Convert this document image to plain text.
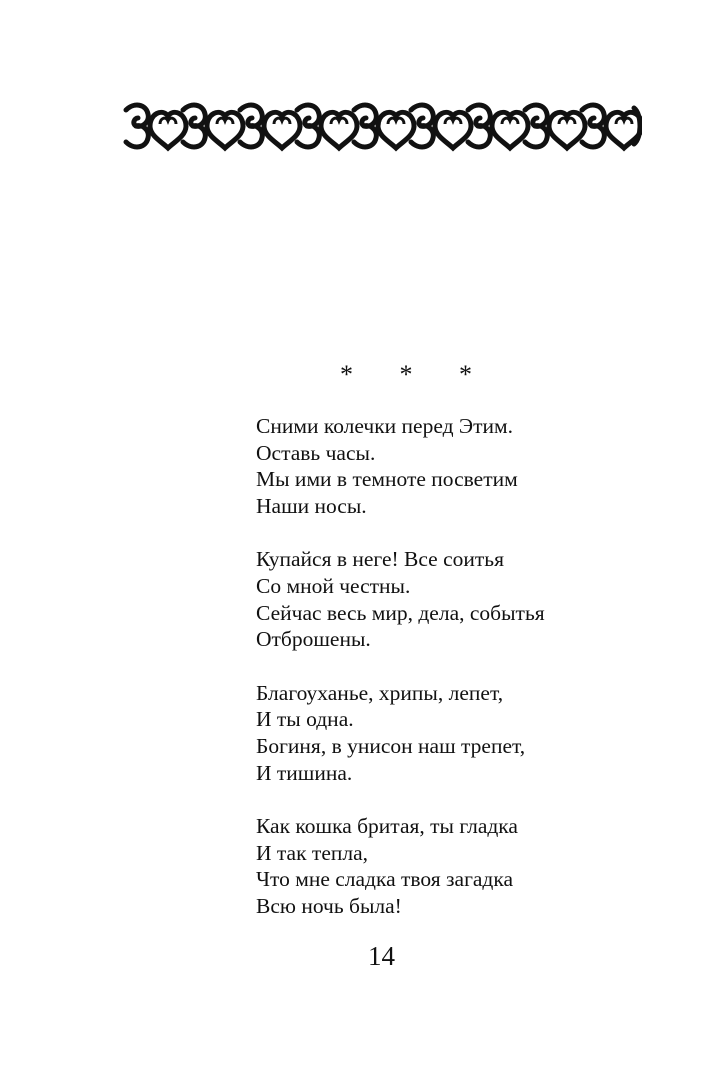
* * *
Сними колечки перед Этим.
Оставь часы.
Мы ими в темноте посветим
Наши носы.
Купайся в неге! Все соитья
Со мной честны.
Сейчас весь мир, дела, событья
Отброшены.
Благоуханье, хрипы, лепет,
И ты одна.
Богиня, в унисон наш трепет,
И тишина.
Как кошка бритая, ты гладка
И так тепла,
Что мне сладка твоя загадка
Всю ночь была!
14
